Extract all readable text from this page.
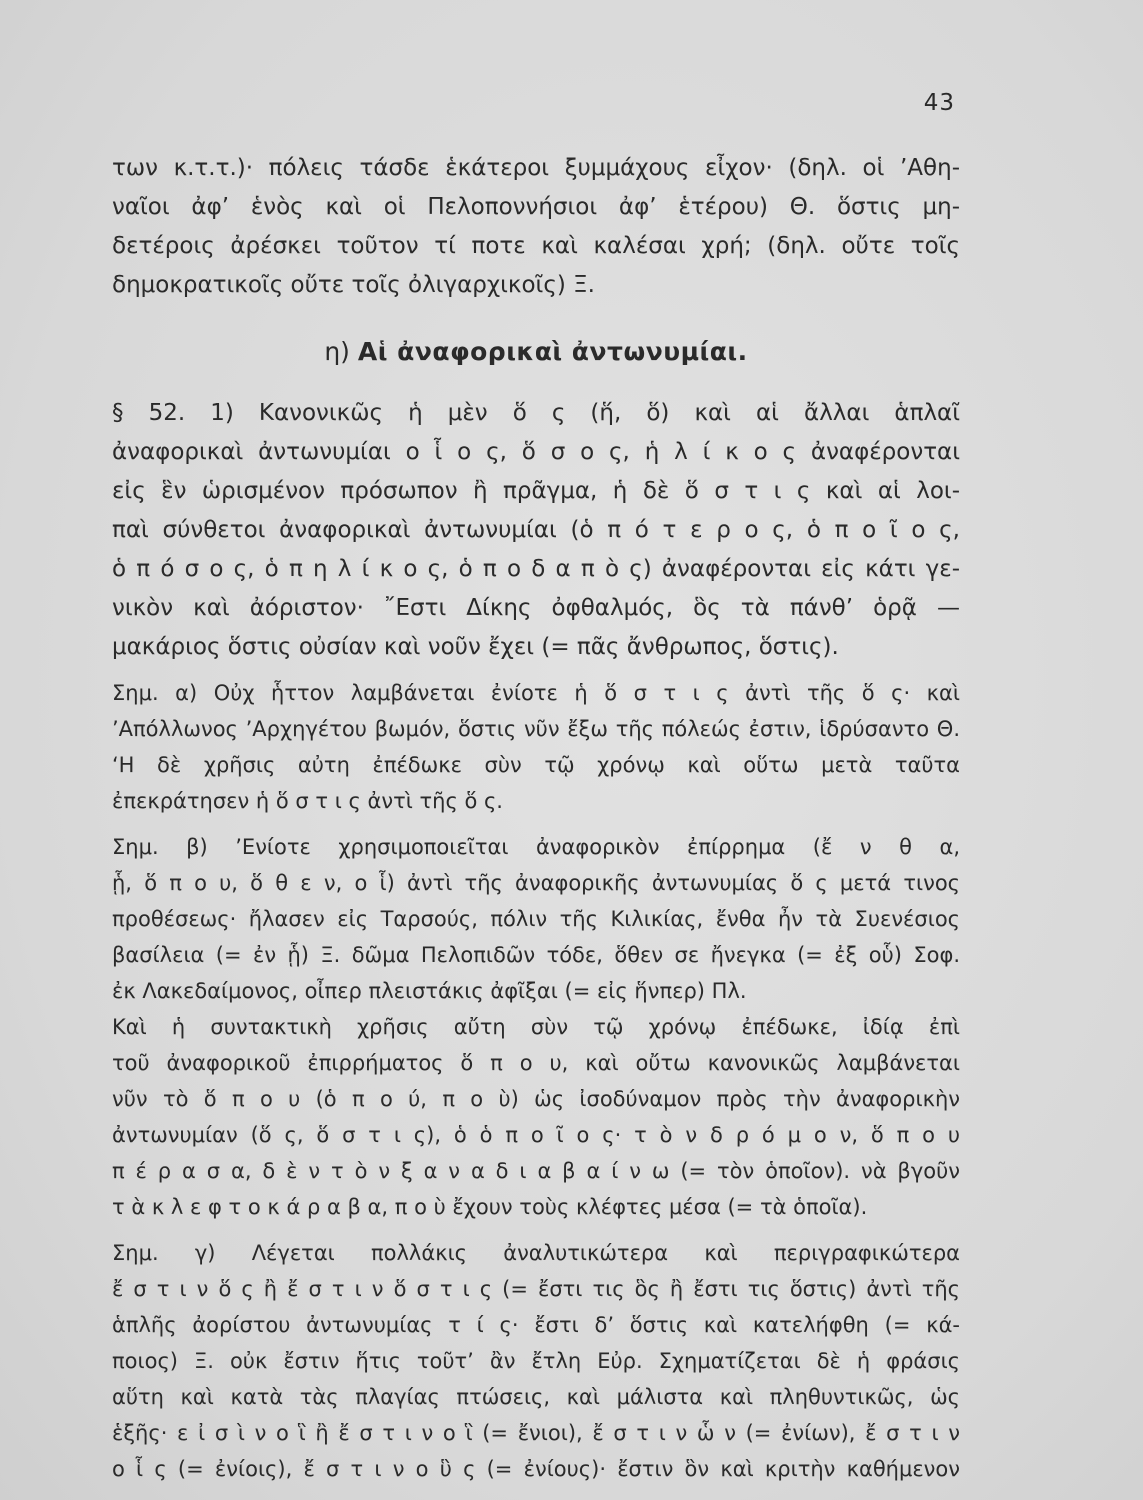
43
των κ.τ.τ.)· πόλεις τάσδε ἑκάτεροι ξυμμάχους εἶχον· (δηλ. οἱ ’Αθη-
ναῖοι ἀφ’ ἑνὸς καὶ οἱ Πελοποννήσιοι ἀφ’ ἑτέρου) Θ. ὅστις μη-
δετέροις ἀρέσκει τοῦτον τί ποτε καὶ καλέσαι χρή; (δηλ. οὔτε τοῖς
δημοκρατικοῖς οὔτε τοῖς ὀλιγαρχικοῖς) Ξ.
η) Αἱ ἀναφορικαὶ ἀντωνυμίαι.
§ 52. 1) Κανονικῶς ἡ μὲν ὅ ς (ἥ, ὅ) καὶ αἱ ἄλλαι ἁπλαῖ
ἀναφορικαὶ ἀντωνυμίαι ο ἷ ο ς, ὅ σ ο ς, ἡ λ ί κ ο ς ἀναφέρονται
εἰς ἓν ὡρισμένον πρόσωπον ἢ πρᾶγμα, ἡ δὲ ὅ σ τ ι ς καὶ αἱ λοι-
παὶ σύνθετοι ἀναφορικαὶ ἀντωνυμίαι (ὁ π ό τ ε ρ ο ς, ὁ π ο ῖ ο ς,
ὁ π ό σ ο ς, ὁ π η λ ί κ ο ς, ὁ π ο δ α π ὸ ς) ἀναφέρονται εἰς κάτι γε-
νικὸν καὶ ἀόριστον· ῎Εστι Δίκης ὀφθαλμός, ὃς τὰ πάνθ’ ὁρᾷ —
μακάριος ὅστις οὐσίαν καὶ νοῦν ἔχει (= πᾶς ἄνθρωπος, ὅστις).
Σημ. α) Οὐχ ἧττον λαμβάνεται ἐνίοτε ἡ ὅ σ τ ι ς ἀντὶ τῆς ὅ ς· καὶ
’Απόλλωνος ’Αρχηγέτου βωμόν, ὅστις νῦν ἔξω τῆς πόλεώς ἐστιν, ἱδρύσαντο Θ.
‘Η δὲ χρῆσις αὐτη ἐπέδωκε σὺν τῷ χρόνῳ καὶ οὕτω μετὰ ταῦτα
ἐπεκράτησεν ἡ ὅ σ τ ι ς ἀντὶ τῆς ὅ ς.
Σημ. β) ’Ενίοτε χρησιμοποιεῖται ἀναφορικὸν ἐπίρρημα (ἔ ν θ α,
ᾗ, ὅ π ο υ, ὅ θ ε ν, ο ἷ) ἀντὶ τῆς ἀναφορικῆς ἀντωνυμίας ὅ ς μετά τινος
προθέσεως· ἤλασεν εἰς Ταρσούς, πόλιν τῆς Κιλικίας, ἔνθα ἦν τὰ Συενέσιος
βασίλεια (= ἐν ᾗ) Ξ. δῶμα Πελοπιδῶν τόδε, ὅθεν σε ἤνεγκα (= ἐξ οὗ) Σοφ.
ἐκ Λακεδαίμονος, οἶπερ πλειστάκις ἀφῖξαι (= εἰς ἥνπερ) Πλ.
Καὶ ἡ συντακτικὴ χρῆσις αὔτη σὺν τῷ χρόνῳ ἐπέδωκε, ἰδίᾳ ἐπὶ
τοῦ ἀναφορικοῦ ἐπιρρήματος ὅ π ο υ, καὶ οὔτω κανονικῶς λαμβάνεται
νῦν τὸ ὅ π ο υ (ὁ π ο ύ, π ο ὺ) ὡς ἰσοδύναμον πρὸς τὴν ἀναφορικὴν
ἀντωνυμίαν (ὅ ς, ὅ σ τ ι ς), ὁ ὁ π ο ῖ ο ς· τ ὸ ν δ ρ ό μ ο ν, ὅ π ο υ
π έ ρ α σ α, δ ὲ ν τ ὸ ν ξ α ν α δ ι α β α ί ν ω (= τὸν ὁποῖον). νὰ βγοῦν
τ ὰ κ λ ε φ τ ο κ ά ρ α β α, π ο ὺ ἔχουν τοὺς κλέφτες μέσα (= τὰ ὁποῖα).
Σημ. γ) Λέγεται πολλάκις ἀναλυτικώτερα καὶ περιγραφικώτερα
ἔ σ τ ι ν ὅ ς ἢ ἔ σ τ ι ν ὅ σ τ ι ς (= ἔστι τις ὃς ἢ ἔστι τις ὅστις) ἀντὶ τῆς
ἁπλῆς ἀορίστου ἀντωνυμίας τ ί ς· ἔστι δ’ ὅστις καὶ κατελήφθη (= κά-
ποιος) Ξ. οὐκ ἔστιν ἥτις τοῦτ’ ἂν ἔτλη Εὐρ. Σχηματίζεται δὲ ἡ φράσις
αὕτη καὶ κατὰ τὰς πλαγίας πτώσεις, καὶ μάλιστα καὶ πληθυντικῶς, ὡς
ἑξῆς· ε ἰ σ ὶ ν ο ἳ ἢ ἔ σ τ ι ν ο ἳ (= ἔνιοι), ἔ σ τ ι ν ὧ ν (= ἐνίων), ἔ σ τ ι ν
ο ἷ ς (= ἐνίοις), ἔ σ τ ι ν ο ὓ ς (= ἐνίους)· ἔστιν ὃν καὶ κριτὴν καθήμενον
